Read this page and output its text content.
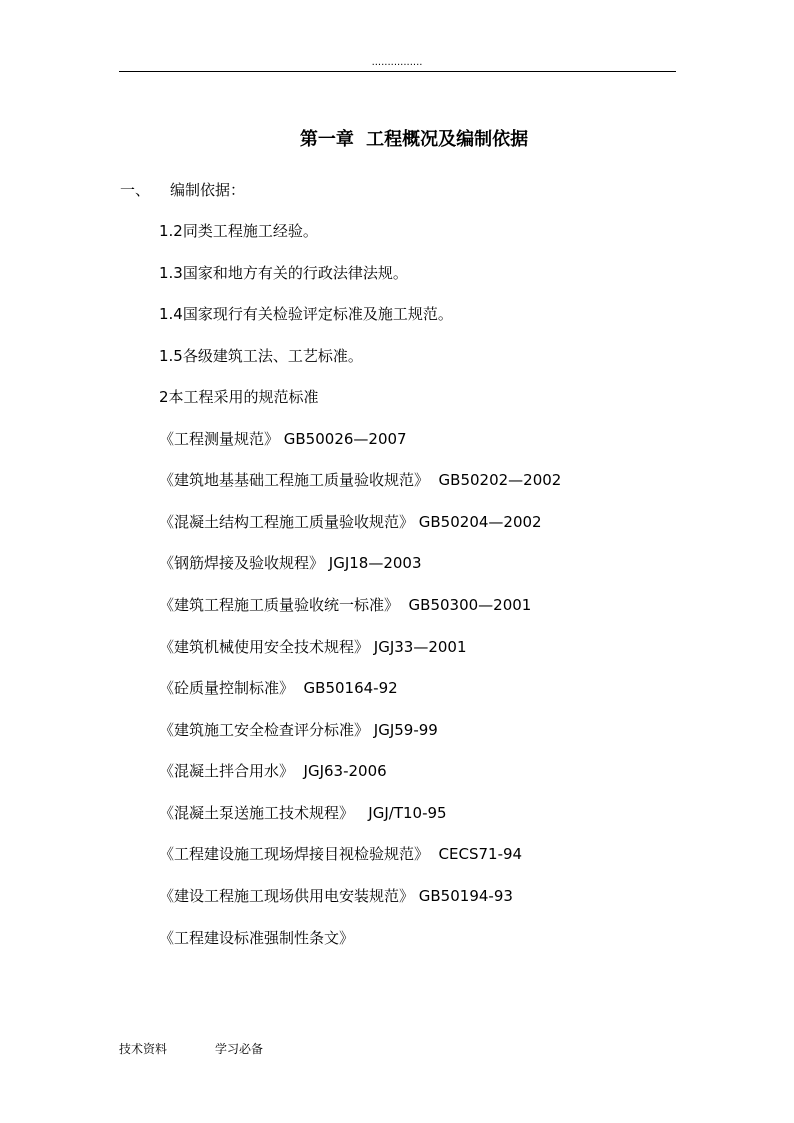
................
第一章 工程概况及编制依据
一、 编制依据：
1.2同类工程施工经验。
1.3国家和地方有关的行政法律法规。
1.4国家现行有关检验评定标准及施工规范。
1.5各级建筑工法、工艺标准。
2本工程采用的规范标准
《工程测量规范》 GB50026—2007
《建筑地基基础工程施工质量验收规范》  GB50202—2002
《混凝土结构工程施工质量验收规范》 GB50204—2002
《钢筋焊接及验收规程》 JGJ18—2003
《建筑工程施工质量验收统一标准》  GB50300—2001
《建筑机械使用安全技术规程》 JGJ33—2001
《砼质量控制标准》  GB50164-92
《建筑施工安全检查评分标准》 JGJ59-99
《混凝土拌合用水》  JGJ63-2006
《混凝土泵送施工技术规程》   JGJ/T10-95
《工程建设施工现场焊接目视检验规范》  CECS71-94
《建设工程施工现场供用电安装规范》 GB50194-93
《工程建设标准强制性条文》
技术资料	学习必备
